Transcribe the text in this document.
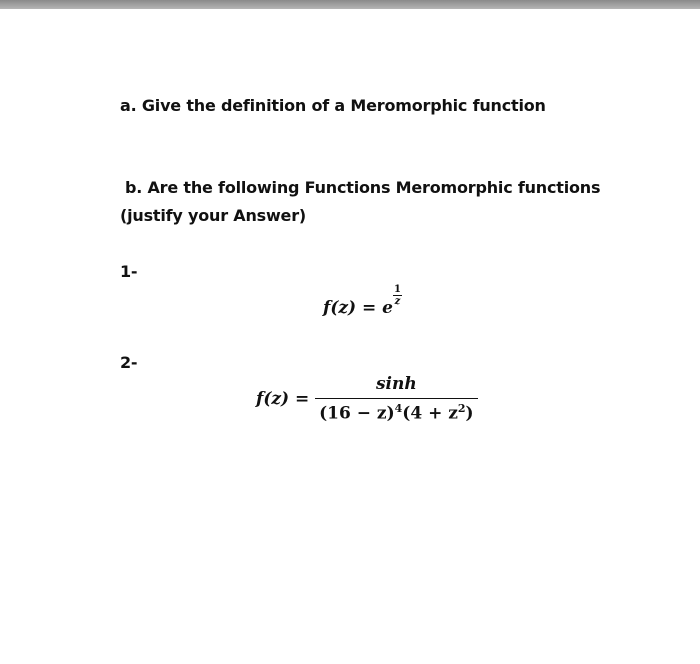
a. Give the definition of a Meromorphic function
b. Are the following Functions Meromorphic functions
(justify your Answer)
1-
f(z) = e
$\frac{1}{z}$
2-
$f(z) = \frac{\sinh}{(16 - z)^4(4 + z^2)}$
